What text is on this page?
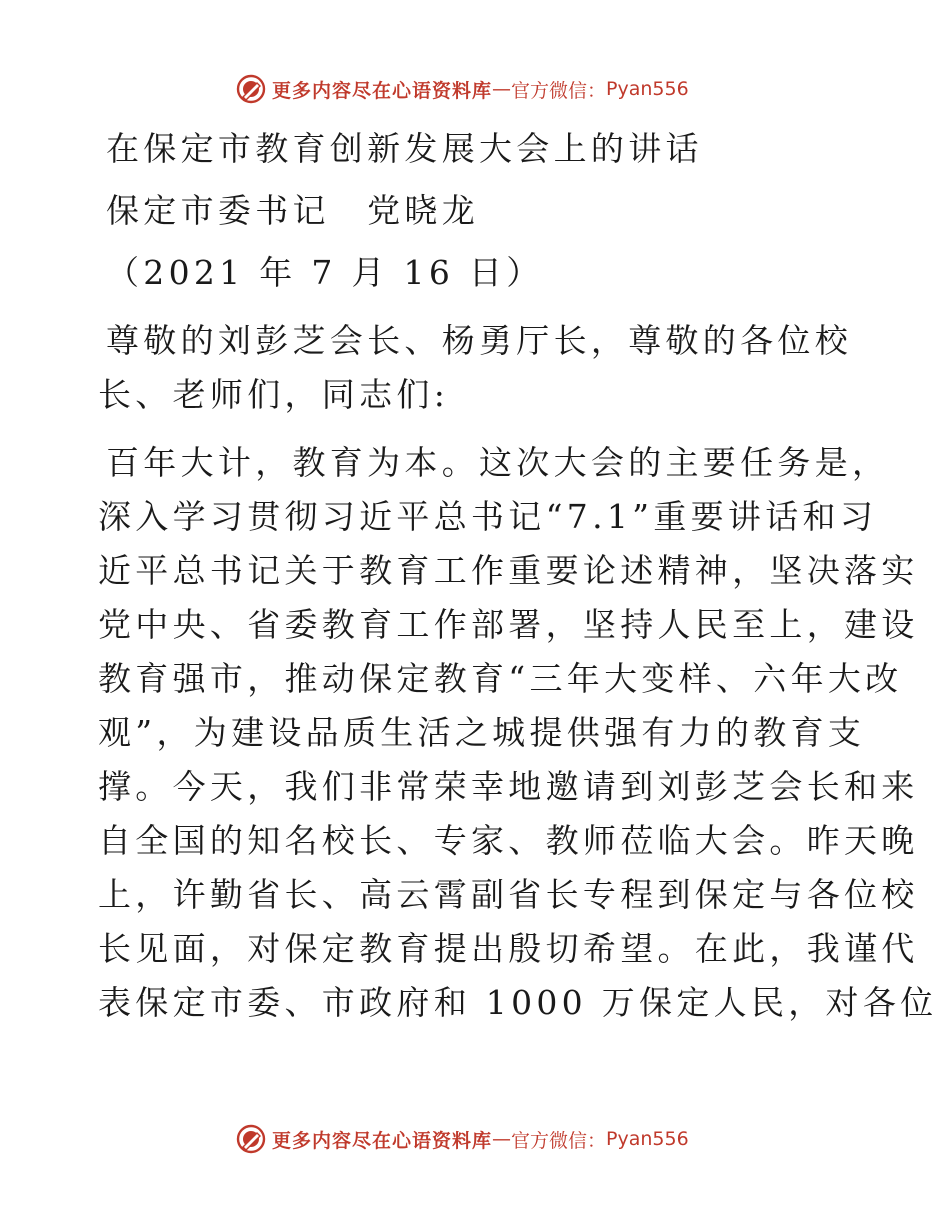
更多内容尽在心语资料库 — 官方微信： Pyan556
在保定市教育创新发展大会上的讲话
保定市委书记　党晓龙
（2021 年 7 月 16 日）
尊敬的刘彭芝会长、杨勇厅长，尊敬的各位校
长、老师们，同志们:
百年大计，教育为本。这次大会的主要任务是，
深入学习贯彻习近平总书记“7.1”重要讲话和习
近平总书记关于教育工作重要论述精神，坚决落实
党中央、省委教育工作部署，坚持人民至上，建设
教育强市，推动保定教育“三年大变样、六年大改
观”，为建设品质生活之城提供强有力的教育支
撑。今天，我们非常荣幸地邀请到刘彭芝会长和来
自全国的知名校长、专家、教师莅临大会。昨天晚
上，许勤省长、高云霄副省长专程到保定与各位校
长见面，对保定教育提出殷切希望。在此，我谨代
表保定市委、市政府和 1000 万保定人民，对各位
更多内容尽在心语资料库 — 官方微信： Pyan556
